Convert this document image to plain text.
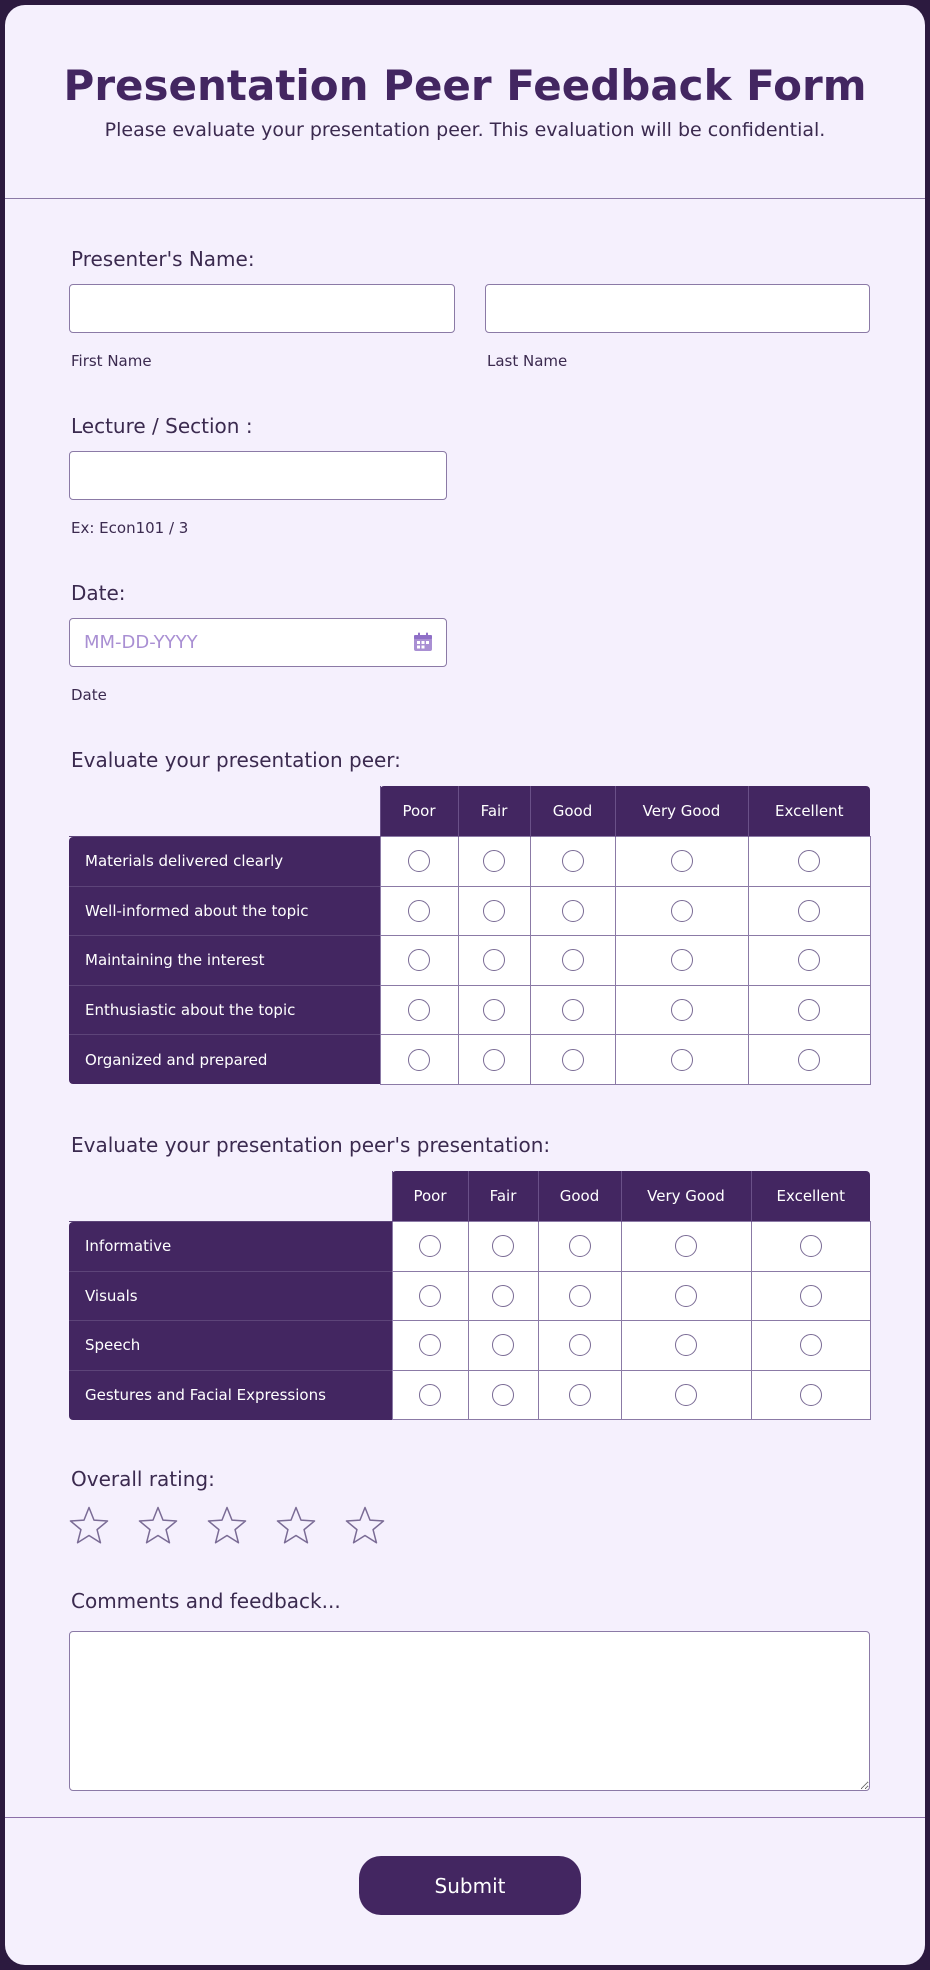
Presentation Peer Feedback Form
Please evaluate your presentation peer. This evaluation will be confidential.
Presenter's Name:
First Name	Last Name
Lecture / Section :
Ex: Econ101 / 3
Date:
MM-DD-YYYY
Date
Evaluate your presentation peer:
	Poor	Fair	Good	Very Good	Excellent
Materials delivered clearly					
Well-informed about the topic					
Maintaining the interest					
Enthusiastic about the topic					
Organized and prepared					
Evaluate your presentation peer's presentation:
	Poor	Fair	Good	Very Good	Excellent
Informative					
Visuals					
Speech					
Gestures and Facial Expressions					
Overall rating:
Comments and feedback...
Submit
